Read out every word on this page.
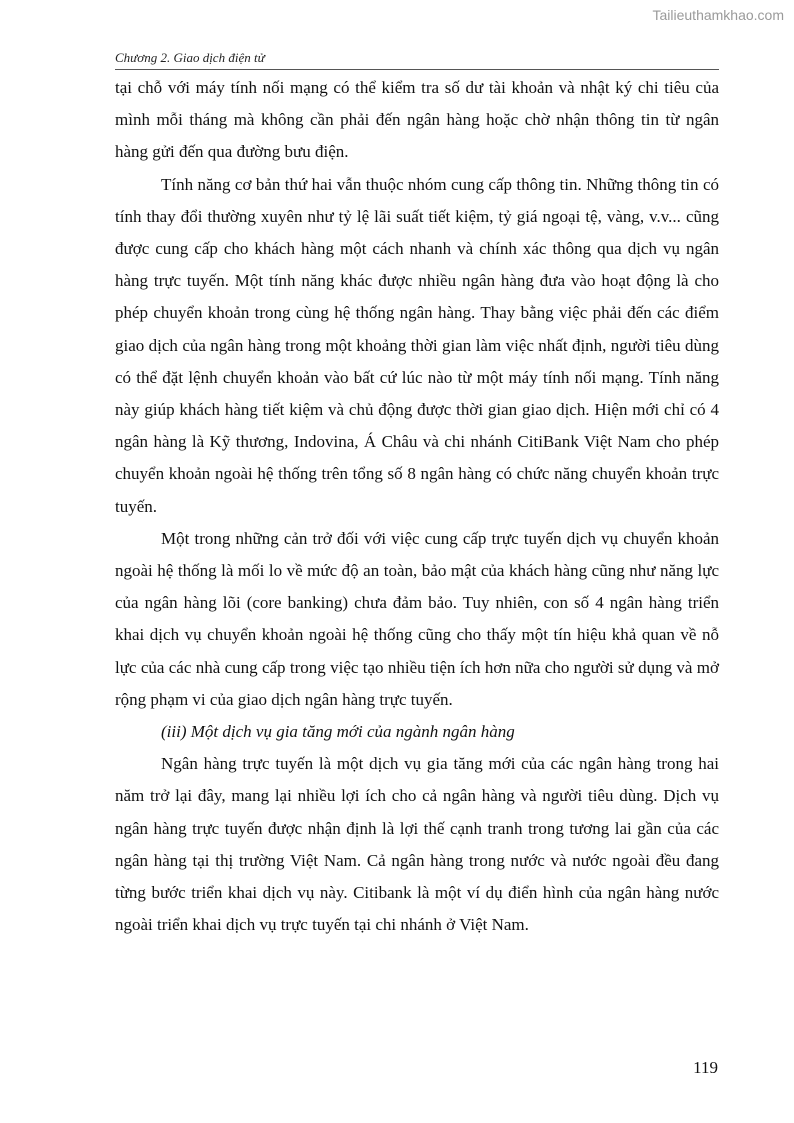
Tailieuthamkhao.com
Chương 2. Giao dịch điện tử

tại chỗ với máy tính nối mạng có thể kiểm tra số dư tài khoản và nhật ký chi tiêu của mình mỗi tháng mà không cần phải đến ngân hàng hoặc chờ nhận thông tin từ ngân hàng gửi đến qua đường bưu điện.

Tính năng cơ bản thứ hai vẫn thuộc nhóm cung cấp thông tin. Những thông tin có tính thay đổi thường xuyên như tỷ lệ lãi suất tiết kiệm, tỷ giá ngoại tệ, vàng, v.v... cũng được cung cấp cho khách hàng một cách nhanh và chính xác thông qua dịch vụ ngân hàng trực tuyến. Một tính năng khác được nhiều ngân hàng đưa vào hoạt động là cho phép chuyển khoản trong cùng hệ thống ngân hàng. Thay bằng việc phải đến các điểm giao dịch của ngân hàng trong một khoảng thời gian làm việc nhất định, người tiêu dùng có thể đặt lệnh chuyển khoản vào bất cứ lúc nào từ một máy tính nối mạng. Tính năng này giúp khách hàng tiết kiệm và chủ động được thời gian giao dịch. Hiện mới chỉ có 4 ngân hàng là Kỹ thương, Indovina, Á Châu và chi nhánh CitiBank Việt Nam cho phép chuyển khoản ngoài hệ thống trên tổng số 8 ngân hàng có chức năng chuyển khoản trực tuyến.

Một trong những cản trở đối với việc cung cấp trực tuyến dịch vụ chuyển khoản ngoài hệ thống là mối lo về mức độ an toàn, bảo mật của khách hàng cũng như năng lực của ngân hàng lõi (core banking) chưa đảm bảo. Tuy nhiên, con số 4 ngân hàng triển khai dịch vụ chuyển khoản ngoài hệ thống cũng cho thấy một tín hiệu khả quan về nỗ lực của các nhà cung cấp trong việc tạo nhiều tiện ích hơn nữa cho người sử dụng và mở rộng phạm vi của giao dịch ngân hàng trực tuyến.

(iii) Một dịch vụ gia tăng mới của ngành ngân hàng

Ngân hàng trực tuyến là một dịch vụ gia tăng mới của các ngân hàng trong hai năm trở lại đây, mang lại nhiều lợi ích cho cả ngân hàng và người tiêu dùng. Dịch vụ ngân hàng trực tuyến được nhận định là lợi thế cạnh tranh trong tương lai gần của các ngân hàng tại thị trường Việt Nam. Cả ngân hàng trong nước và nước ngoài đều đang từng bước triển khai dịch vụ này. Citibank là một ví dụ điển hình của ngân hàng nước ngoài triển khai dịch vụ trực tuyến tại chi nhánh ở Việt Nam.

119
